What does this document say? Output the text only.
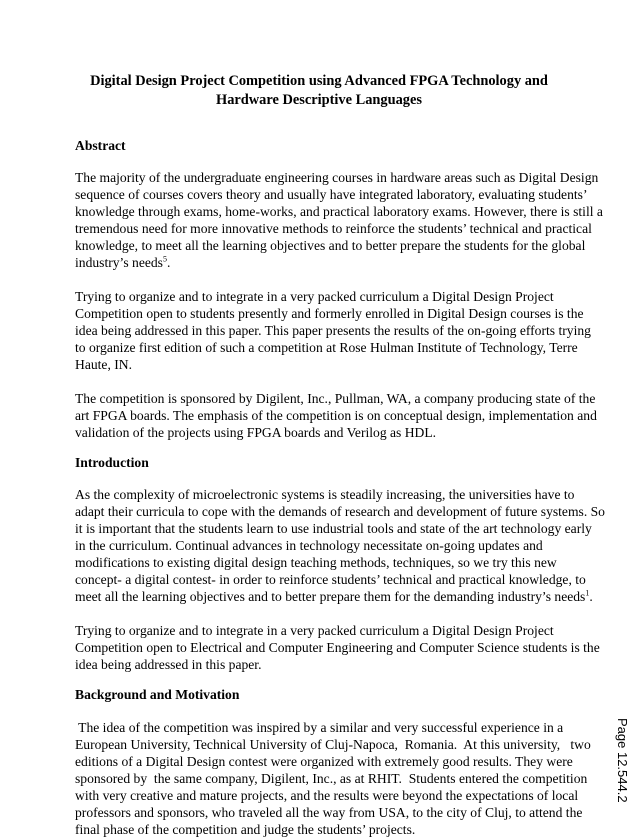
Digital Design Project Competition using Advanced FPGA Technology and
Hardware Descriptive Languages
Abstract
The majority of the undergraduate engineering courses in hardware areas such as Digital Design
sequence of courses covers theory and usually have integrated laboratory, evaluating students’
knowledge through exams, home-works, and practical laboratory exams. However, there is still a
tremendous need for more innovative methods to reinforce the students’ technical and practical
knowledge, to meet all the learning objectives and to better prepare the students for the global
industry’s needs$^5$.
Trying to organize and to integrate in a very packed curriculum a Digital Design Project
Competition open to students presently and formerly enrolled in Digital Design courses is the
idea being addressed in this paper. This paper presents the results of the on-going efforts trying
to organize first edition of such a competition at Rose Hulman Institute of Technology, Terre
Haute, IN.
The competition is sponsored by Digilent, Inc., Pullman, WA, a company producing state of the
art FPGA boards. The emphasis of the competition is on conceptual design, implementation and
validation of the projects using FPGA boards and Verilog as HDL.
Introduction
As the complexity of microelectronic systems is steadily increasing, the universities have to
adapt their curricula to cope with the demands of research and development of future systems. So
it is important that the students learn to use industrial tools and state of the art technology early
in the curriculum. Continual advances in technology necessitate on-going updates and
modifications to existing digital design teaching methods, techniques, so we try this new
concept- a digital contest- in order to reinforce students’ technical and practical knowledge, to
meet all the learning objectives and to better prepare them for the demanding industry’s needs$^1$.
Trying to organize and to integrate in a very packed curriculum a Digital Design Project
Competition open to Electrical and Computer Engineering and Computer Science students is the
idea being addressed in this paper.
Background and Motivation
The idea of the competition was inspired by a similar and very successful experience in a
European University, Technical University of Cluj-Napoca,  Romania.  At this university,   two
editions of a Digital Design contest were organized with extremely good results. They were
sponsored by  the same company, Digilent, Inc., as at RHIT.  Students entered the competition
with very creative and mature projects, and the results were beyond the expectations of local
professors and sponsors, who traveled all the way from USA, to the city of Cluj, to attend the
final phase of the competition and judge the students’ projects.
Page 12.544.2
